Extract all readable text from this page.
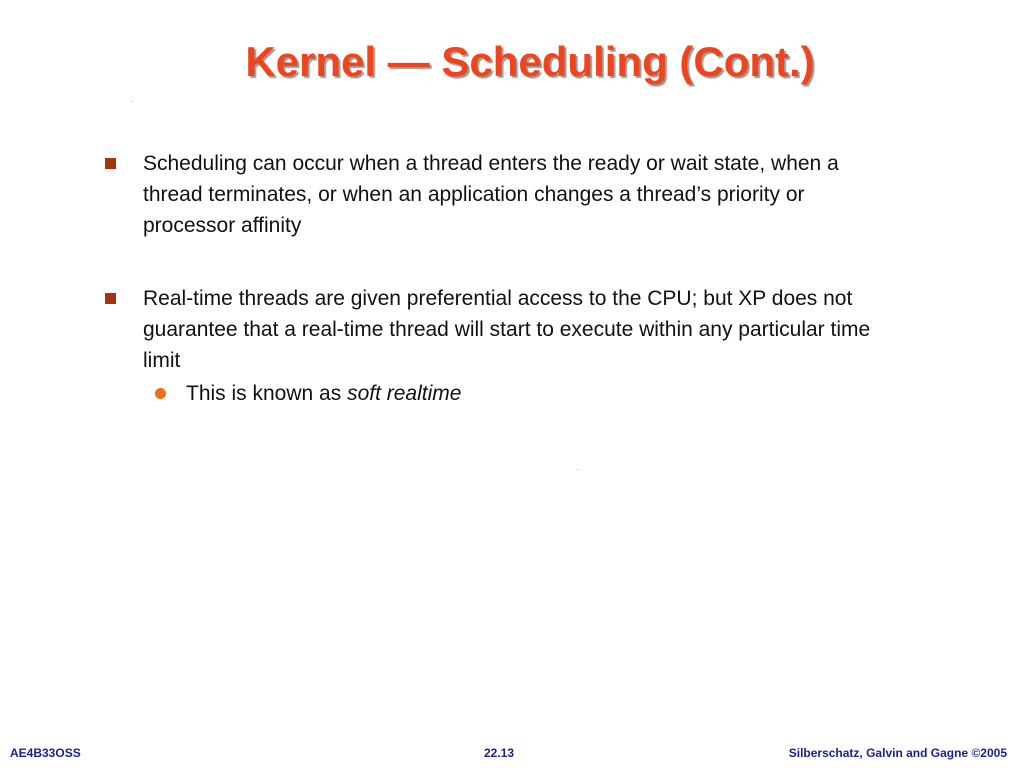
Kernel — Scheduling (Cont.)

Scheduling can occur when a thread enters the ready or wait state, when a thread terminates, or when an application changes a thread’s priority or processor affinity

Real-time threads are given preferential access to the CPU; but XP does not guarantee that a real-time thread will start to execute within any particular time limit

This is known as soft realtime

AE4B33OSS	22.13	Silberschatz, Galvin and Gagne ©2005
